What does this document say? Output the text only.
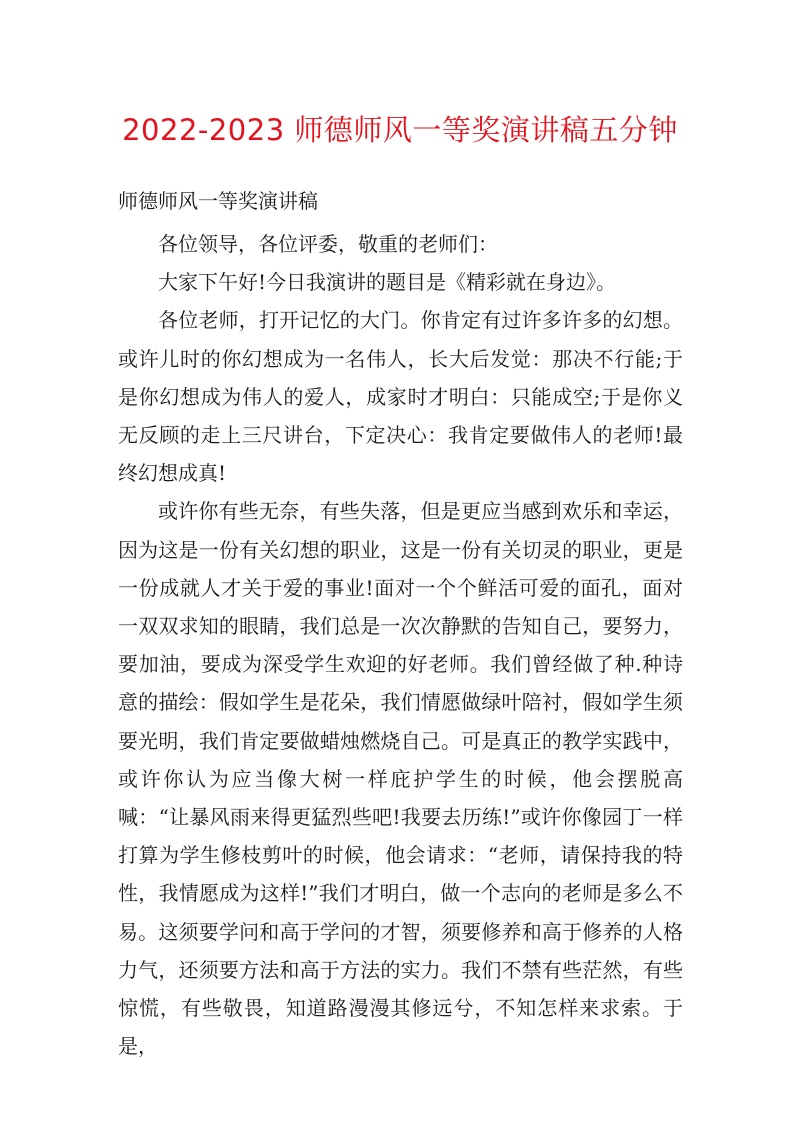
2022-2023 师德师风一等奖演讲稿五分钟
师德师风一等奖演讲稿

各位领导，各位评委，敬重的老师们：

大家下午好!今日我演讲的题目是《精彩就在身边》。

各位老师，打开记忆的大门。你肯定有过许多许多的幻想。或许儿时的你幻想成为一名伟人，长大后发觉：那决不行能;于是你幻想成为伟人的爱人，成家时才明白：只能成空;于是你义无反顾的走上三尺讲台，下定决心：我肯定要做伟人的老师!最终幻想成真!

或许你有些无奈，有些失落，但是更应当感到欢乐和幸运，因为这是一份有关幻想的职业，这是一份有关切灵的职业，更是一份成就人才关于爱的事业!面对一个个鲜活可爱的面孔，面对一双双求知的眼睛，我们总是一次次静默的告知自己，要努力，要加油，要成为深受学生欢迎的好老师。我们曾经做了种.种诗意的描绘：假如学生是花朵，我们情愿做绿叶陪衬，假如学生须要光明，我们肯定要做蜡烛燃烧自己。可是真正的教学实践中，或许你认为应当像大树一样庇护学生的时候，他会摆脱高喊：“让暴风雨来得更猛烈些吧!我要去历练!”或许你像园丁一样打算为学生修枝剪叶的时候，他会请求：“老师，请保持我的特性，我情愿成为这样!”我们才明白，做一个志向的老师是多么不易。这须要学问和高于学问的才智，须要修养和高于修养的人格力气，还须要方法和高于方法的实力。我们不禁有些茫然，有些惊慌，有些敬畏，知道路漫漫其修远兮，不知怎样来求索。于是，
